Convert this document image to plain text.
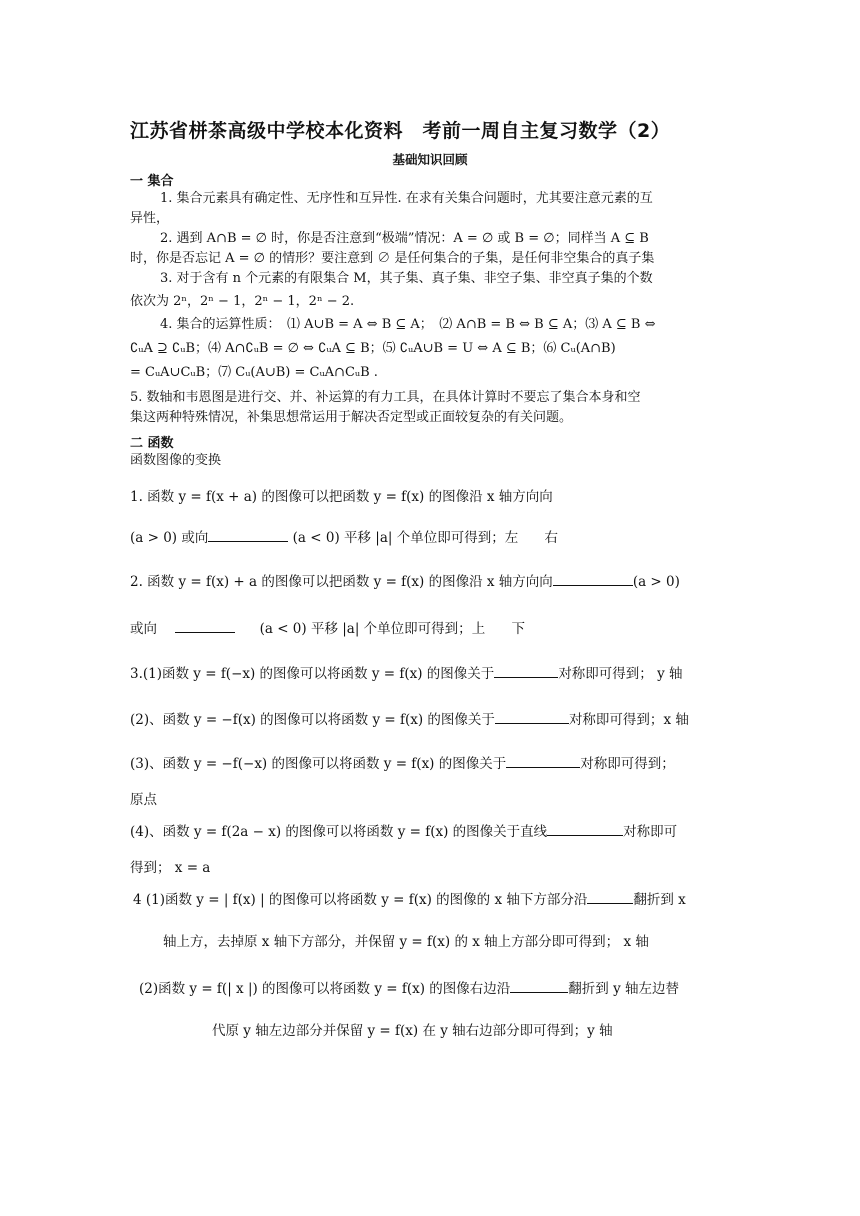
江苏省栟茶高级中学校本化资料　考前一周自主复习数学（2）
基础知识回顾
一 集合
1. 集合元素具有确定性、无序性和互异性. 在求有关集合问题时，尤其要注意元素的互
异性，
2. 遇到 A∩B = ∅ 时，你是否注意到“极端”情况：A = ∅ 或 B = ∅；同样当 A ⊆ B
时，你是否忘记 A = ∅ 的情形？要注意到 ∅ 是任何集合的子集，是任何非空集合的真子集
3. 对于含有 n 个元素的有限集合 M，其子集、真子集、非空子集、非空真子集的个数
依次为 2ⁿ，2ⁿ − 1，2ⁿ − 1，2ⁿ − 2.
4. 集合的运算性质：　⑴ A∪B = A ⇔ B ⊆ A；　⑵ A∩B = B ⇔ B ⊆ A；⑶ A ⊆ B ⇔
∁ᵤA ⊇ ∁ᵤB；⑷ A∩∁ᵤB = ∅ ⇔ ∁ᵤA ⊆ B；⑸ ∁ᵤA∪B = U ⇔ A ⊆ B；⑹ Cᵤ(A∩B)
= CᵤA∪CᵤB；⑺ Cᵤ(A∪B) = CᵤA∩CᵤB .
5. 数轴和韦恩图是进行交、并、补运算的有力工具，在具体计算时不要忘了集合本身和空
集这两种特殊情况，补集思想常运用于解决否定型或正面较复杂的有关问题。
二 函数
函数图像的变换
1. 函数 y = f(x + a) 的图像可以把函数 y = f(x) 的图像沿 x 轴方向向
(a > 0) 或向	(a < 0) 平移 |a| 个单位即可得到；左 右
2. 函数 y = f(x) + a 的图像可以把函数 y = f(x) 的图像沿 x 轴方向向	(a > 0)
或向	(a < 0) 平移 |a| 个单位即可得到；上 下
3.(1)函数 y = f(−x) 的图像可以将函数 y = f(x) 的图像关于	对称即可得到； y 轴
(2)、函数 y = −f(x) 的图像可以将函数 y = f(x) 的图像关于	对称即可得到；x 轴
(3)、函数 y = −f(−x) 的图像可以将函数 y = f(x) 的图像关于	对称即可得到；
原点
(4)、函数 y = f(2a − x) 的图像可以将函数 y = f(x) 的图像关于直线	对称即可
得到； x = a
4 (1)函数 y = | f(x) | 的图像可以将函数 y = f(x) 的图像的 x 轴下方部分沿	翻折到 x
轴上方，去掉原 x 轴下方部分，并保留 y = f(x) 的 x 轴上方部分即可得到； x 轴
(2)函数 y = f(| x |) 的图像可以将函数 y = f(x) 的图像右边沿	翻折到 y 轴左边替
代原 y 轴左边部分并保留 y = f(x) 在 y 轴右边部分即可得到；y 轴
